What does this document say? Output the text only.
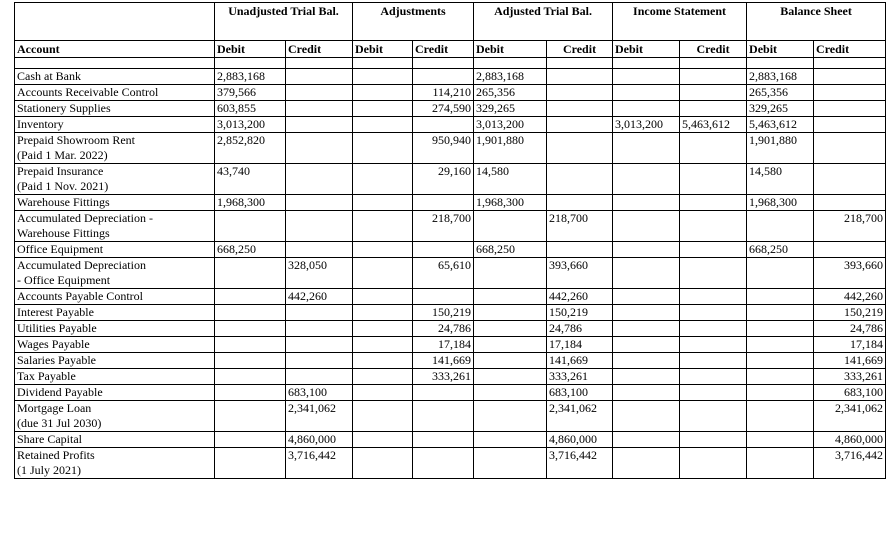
	Unadjusted Trial Bal.		Adjustments		Adjusted Trial Bal.		Income Statement		Balance Sheet	
Account	Debit	Credit	Debit	Credit	Debit	Credit	Debit	Credit	Debit	Credit

Cash at Bank	2,883,168				2,883,168				2,883,168	

Accounts Receivable Control	379,566			114,210	265,356				265,356	

Stationery Supplies	603,855			274,590	329,265				329,265	

Inventory	3,013,200				3,013,200		3,013,200	5,463,612	5,463,612	

Prepaid Showroom Rent
(Paid 1 Mar. 2022)	2,852,820			950,940	1,901,880				1,901,880	

Prepaid Insurance
(Paid 1 Nov. 2021)	43,740			29,160	14,580				14,580	

Warehouse Fittings	1,968,300				1,968,300				1,968,300	

Accumulated Depreciation -
Warehouse Fittings				218,700		218,700				218,700

Office Equipment	668,250				668,250				668,250	

Accumulated Depreciation
- Office Equipment		328,050		65,610		393,660				393,660

Accounts Payable Control		442,260				442,260				442,260

Interest Payable				150,219		150,219				150,219

Utilities Payable				24,786		24,786				24,786

Wages Payable				17,184		17,184				17,184

Salaries Payable				141,669		141,669				141,669

Tax Payable				333,261		333,261				333,261

Dividend Payable		683,100				683,100				683,100

Mortgage Loan
(due 31 Jul 2030)		2,341,062				2,341,062				2,341,062

Share Capital		4,860,000				4,860,000				4,860,000

Retained Profits
(1 July 2021)		3,716,442				3,716,442				3,716,442
